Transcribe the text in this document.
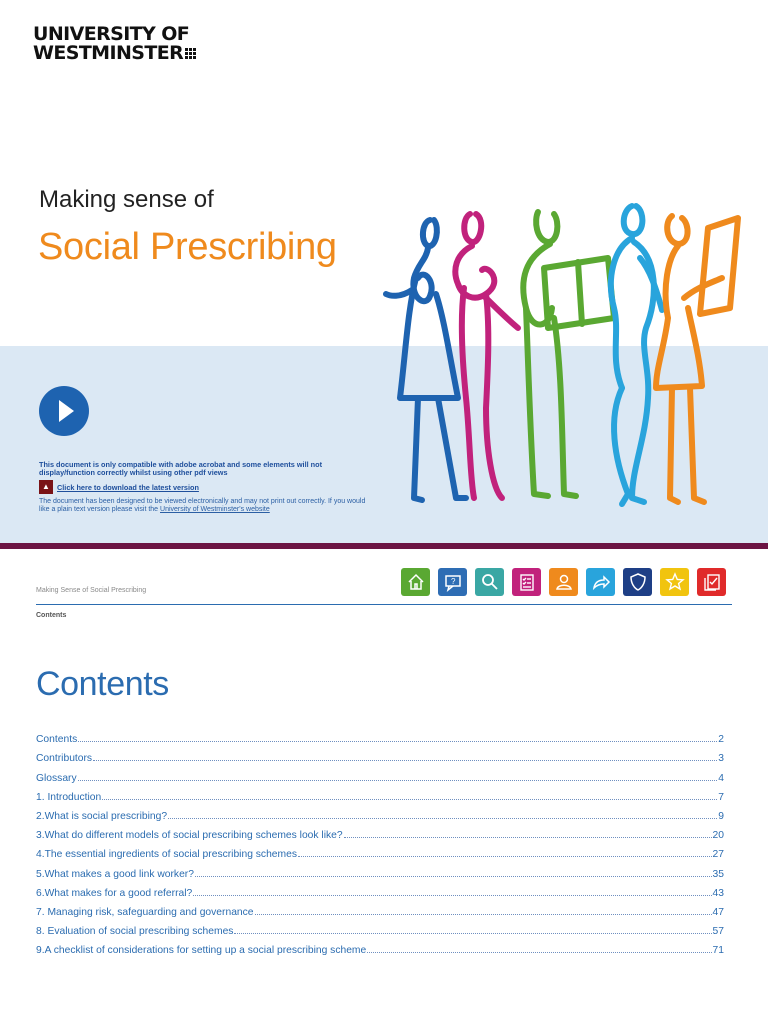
UNIVERSITY OF
WESTMINSTER
Making sense of
Social Prescribing
This document is only compatible with adobe acrobat and some elements will not display/function correctly whilst using other pdf views
▲ Click here to download the latest version
The document has been designed to be viewed electronically and may not print out correctly. If you would like a plain text version please visit the University of Westminster's website
Making Sense of Social Prescribing
Contents
?
Contents
Contents	2
Contributors	3
Glossary	4
1. Introduction	7
2.What is social prescribing?	9
3.What do different models of social prescribing schemes look like?	20
4.The essential ingredients of social prescribing schemes	27
5.What makes a good link worker?	35
6.What makes for a good referral?	43
7. Managing risk, safeguarding and governance	47
8. Evaluation of social prescribing schemes	57
9.A checklist of considerations for setting up a social prescribing scheme	71
